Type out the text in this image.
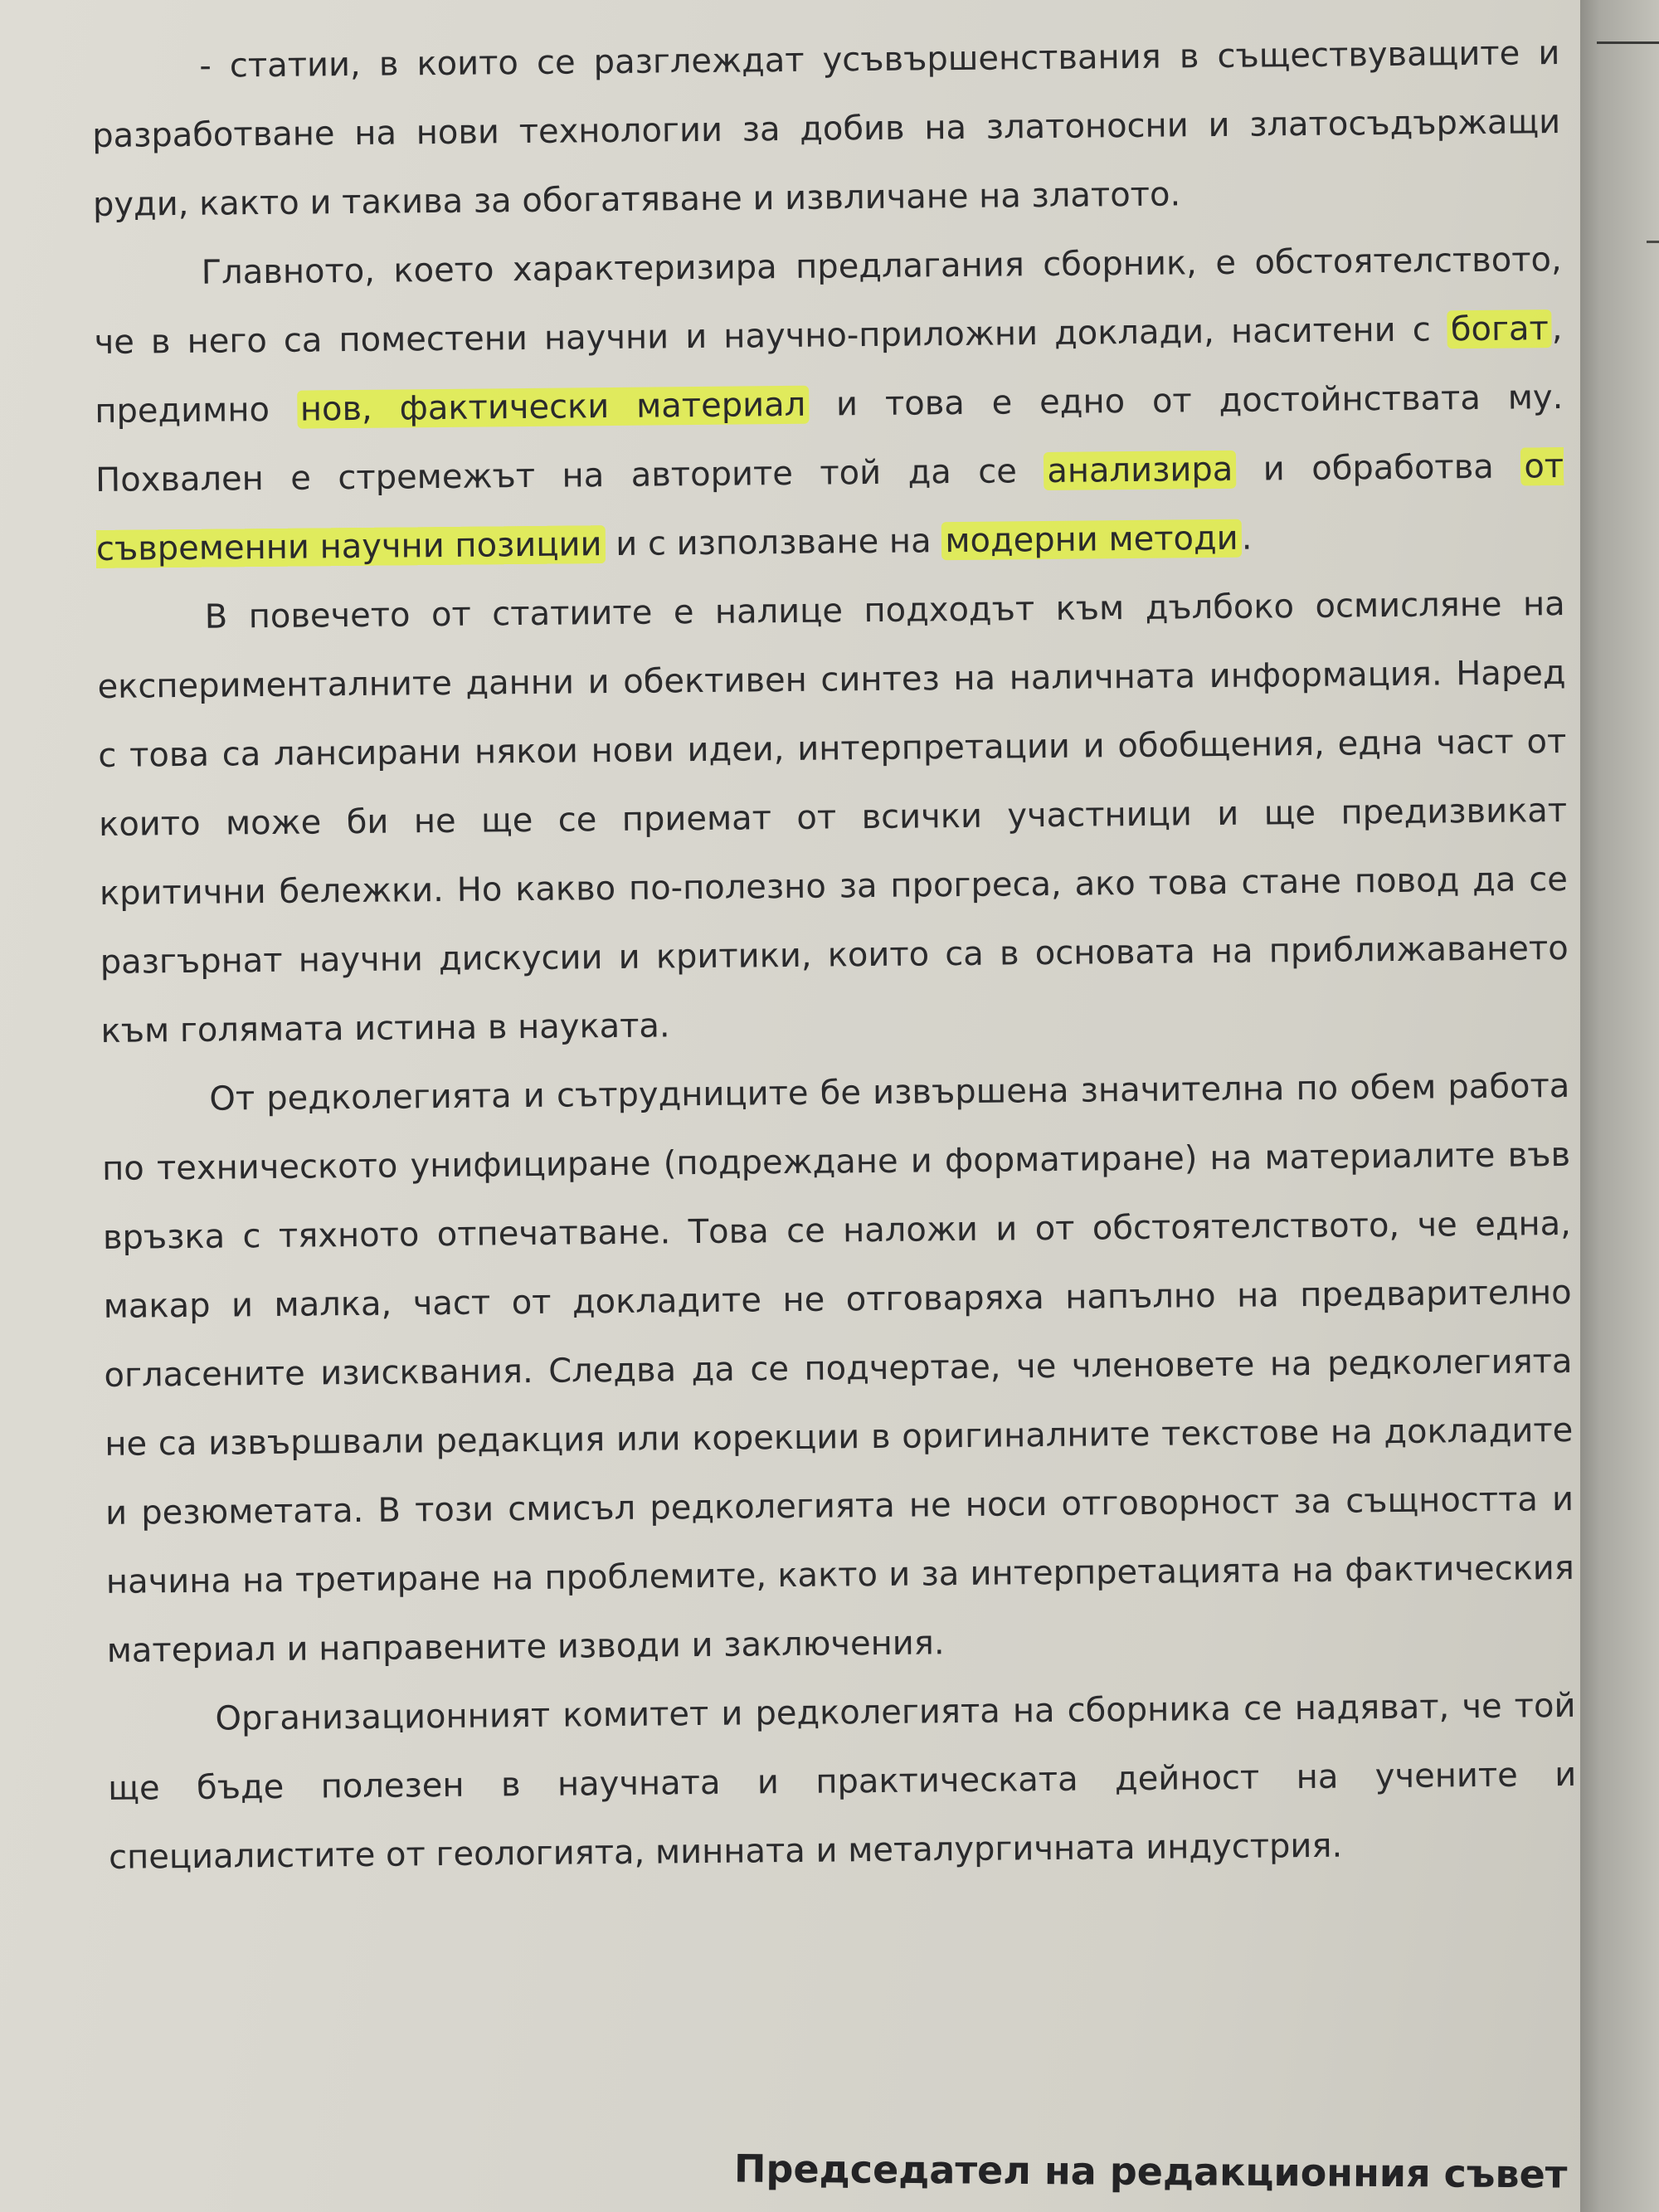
- статии, в които се разглеждат усъвършенствания в съществуващите и разработване на нови технологии за добив на златоносни и златосъдържащи руди, както и такива за обогатяване и извличане на златото.

Главното, което характеризира предлагания сборник, е обстоятелството, че в него са поместени научни и научно-приложни доклади, наситени с богат, предимно нов, фактически материал и това е едно от достойнствата му. Похвален е стремежът на авторите той да се анализира и обработва от съвременни научни позиции и с използване на модерни методи.

В повечето от статиите е налице подходът към дълбоко осмисляне на експерименталните данни и обективен синтез на наличната информация. Наред с това са лансирани някои нови идеи, интерпретации и обобщения, една част от които може би не ще се приемат от всички участници и ще предизвикат критични бележки. Но какво по-полезно за прогреса, ако това стане повод да се разгърнат научни дискусии и критики, които са в основата на приближаването към голямата истина в науката.

От редколегията и сътрудниците бе извършена значителна по обем работа по техническото унифициране (подреждане и форматиране) на материалите във връзка с тяхното отпечатване. Това се наложи и от обстоятелството, че една, макар и малка, част от докладите не отговаряха напълно на предварително огласените изисквания. Следва да се подчертае, че членовете на редколегията не са извършвали редакция или корекции в оригиналните текстове на докладите и резюметата. В този смисъл редколегията не носи отговорност за същността и начина на третиране на проблемите, както и за интерпретацията на фактическия материал и направените изводи и заключения.

Организационният комитет и редколегията на сборника се надяват, че той ще бъде полезен в научната и практическата дейност на учените и специалистите от геологията, минната и металургичната индустрия.

Председател на редакционния съвет
